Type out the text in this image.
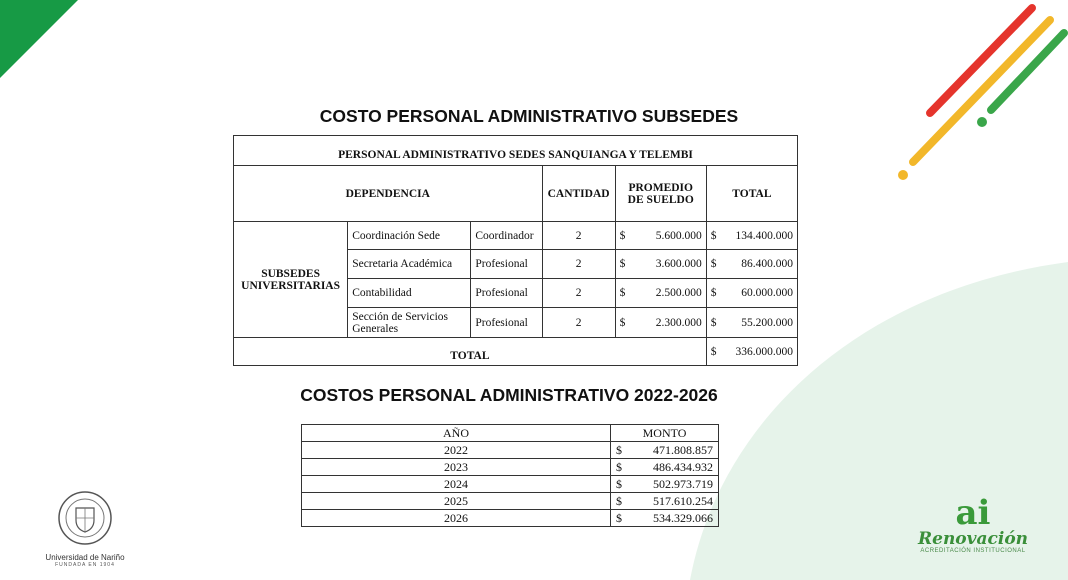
COSTO PERSONAL ADMINISTRATIVO SUBSEDES
PERSONAL ADMINISTRATIVO SEDES SANQUIANGA Y TELEMBI					
DEPENDENCIA			CANTIDAD	PROMEDIO DE SUELDO	TOTAL
SUBSEDES UNIVERSITARIAS	Coordinación Sede	Coordinador	2	$ 5.600.000	$ 134.400.000

	Secretaria Académica	Profesional	2	$ 3.600.000	$ 86.400.000

	Contabilidad	Profesional	2	$ 2.500.000	$ 60.000.000

	Sección de Servicios Generales	Profesional	2	$ 2.300.000	$ 55.200.000

TOTAL					$ 336.000.000
COSTOS PERSONAL ADMINISTRATIVO 2022-2026
AÑO	MONTO
2022	$ 471.808.857

2023	$ 486.434.932

2024	$ 502.973.719

2025	$ 517.610.254

2026	$ 534.329.066
Universidad de Nariño
FUNDADA EN 1904
ai
Renovación
ACREDITACIÓN INSTITUCIONAL
